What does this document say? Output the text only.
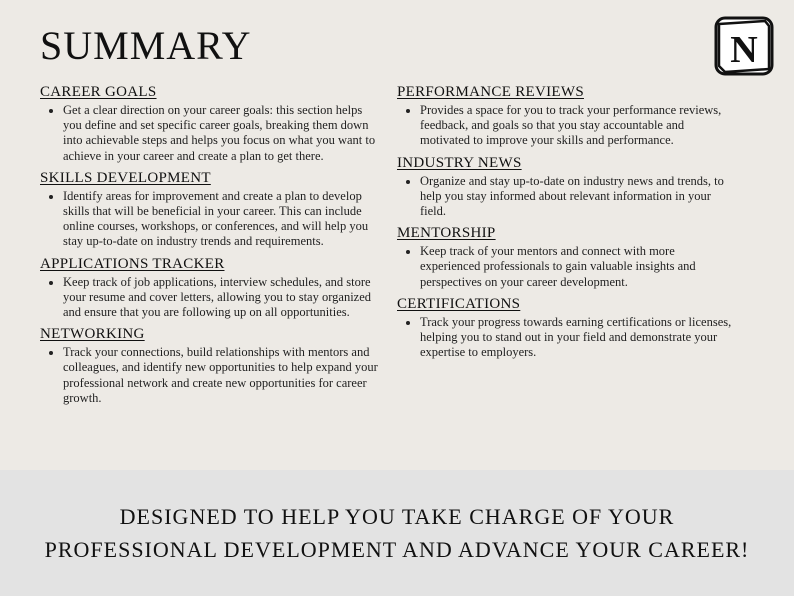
SUMMARY	N
CAREER GOALS
• Get a clear direction on your career goals: this section helps you define and set specific career goals, breaking them down into achievable steps and helps you focus on what you want to achieve in your career and create a plan to get there.
SKILLS DEVELOPMENT
• Identify areas for improvement and create a plan to develop skills that will be beneficial in your career. This can include online courses, workshops, or conferences, and will help you stay up-to-date on industry trends and requirements.
APPLICATIONS TRACKER
• Keep track of job applications, interview schedules, and store your resume and cover letters, allowing you to stay organized and ensure that you are following up on all opportunities.
NETWORKING
• Track your connections, build relationships with mentors and colleagues, and identify new opportunities to help expand your professional network and create new opportunities for career growth.
PERFORMANCE REVIEWS
• Provides a space for you to track your performance reviews, feedback, and goals so that you stay accountable and motivated to improve your skills and performance.
INDUSTRY NEWS
• Organize and stay up-to-date on industry news and trends, to help you stay informed about relevant information in your field.
MENTORSHIP
• Keep track of your mentors and connect with more experienced professionals to gain valuable insights and perspectives on your career development.
CERTIFICATIONS
• Track your progress towards earning certifications or licenses, helping you to stand out in your field and demonstrate your expertise to employers.
DESIGNED TO HELP YOU TAKE CHARGE OF YOUR
PROFESSIONAL DEVELOPMENT AND ADVANCE YOUR CAREER!
